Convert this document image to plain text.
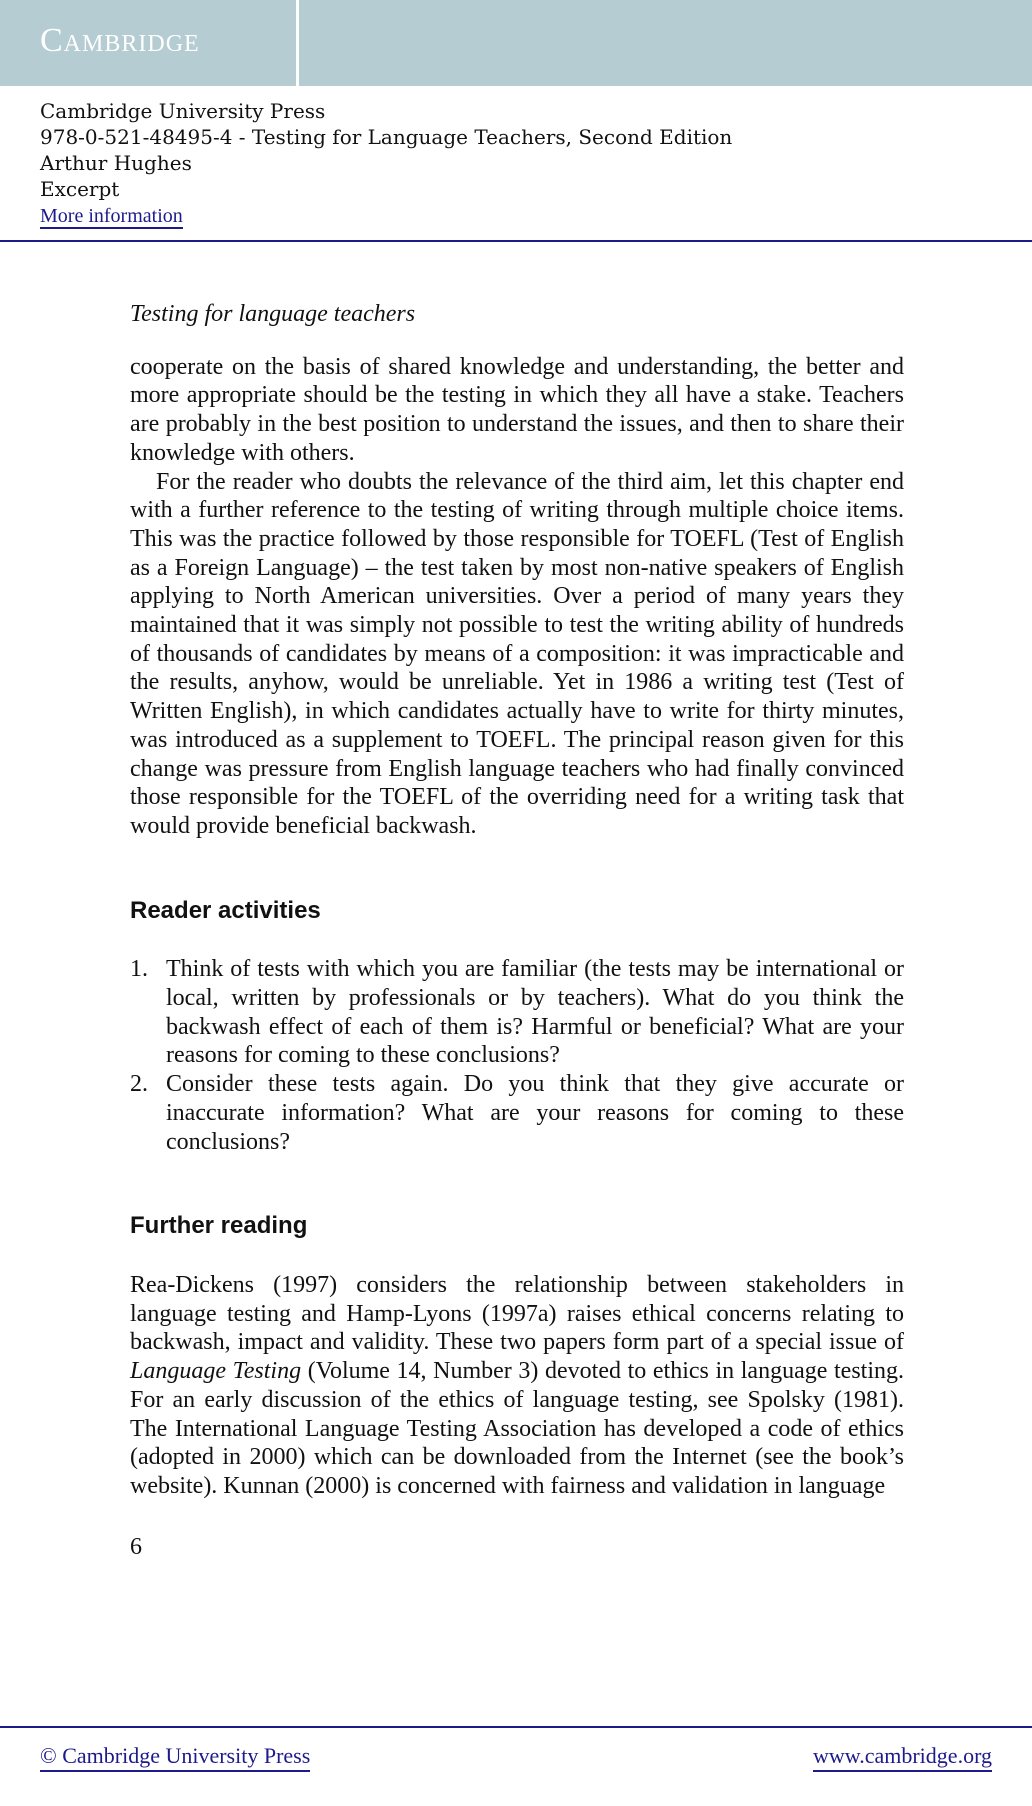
Cambridge
Cambridge University Press
978-0-521-48495-4 - Testing for Language Teachers, Second Edition
Arthur Hughes
Excerpt
More information
Testing for language teachers

cooperate on the basis of shared knowledge and understanding, the better and more appropriate should be the testing in which they all have a stake. Teachers are probably in the best position to understand the issues, and then to share their knowledge with others.

For the reader who doubts the relevance of the third aim, let this chapter end with a further reference to the testing of writing through multiple choice items. This was the practice followed by those responsible for TOEFL (Test of English as a Foreign Language) – the test taken by most non-native speakers of English applying to North American universities. Over a period of many years they maintained that it was simply not possible to test the writing ability of hundreds of thousands of candidates by means of a composition: it was impracticable and the results, anyhow, would be unreliable. Yet in 1986 a writing test (Test of Written English), in which candidates actually have to write for thirty minutes, was introduced as a supplement to TOEFL. The principal reason given for this change was pressure from English language teachers who had finally convinced those responsible for the TOEFL of the overriding need for a writing task that would provide beneficial backwash.

Reader activities
1. Think of tests with which you are familiar (the tests may be international or local, written by professionals or by teachers). What do you think the backwash effect of each of them is? Harmful or beneficial? What are your reasons for coming to these conclusions?
2. Consider these tests again. Do you think that they give accurate or inaccurate information? What are your reasons for coming to these conclusions?
Further reading

Rea-Dickens (1997) considers the relationship between stakeholders in language testing and Hamp-Lyons (1997a) raises ethical concerns relating to backwash, impact and validity. These two papers form part of a special issue of Language Testing (Volume 14, Number 3) devoted to ethics in language testing. For an early discussion of the ethics of language testing, see Spolsky (1981). The International Language Testing Association has developed a code of ethics (adopted in 2000) which can be downloaded from the Internet (see the book’s website). Kunnan (2000) is concerned with fairness and validation in language

6
© Cambridge University Press	www.cambridge.org
